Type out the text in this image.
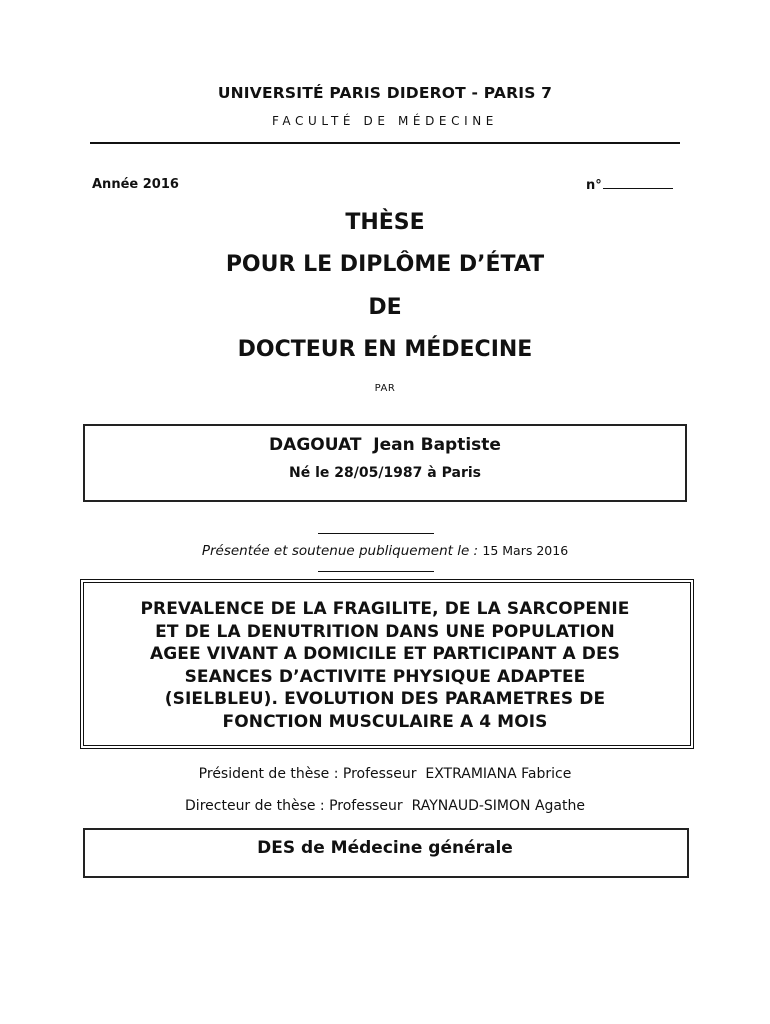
UNIVERSITÉ PARIS DIDEROT - PARIS 7
FACULTÉ DE MÉDECINE
Année 2016	n°
THÈSE
POUR LE DIPLÔME D’ÉTAT
DE
DOCTEUR EN MÉDECINE
PAR
DAGOUAT  Jean Baptiste
Né le 28/05/1987 à Paris
Présentée et soutenue publiquement le : 15 Mars 2016
PREVALENCE DE LA FRAGILITE, DE LA SARCOPENIE
ET DE LA DENUTRITION DANS UNE POPULATION
AGEE VIVANT A DOMICILE ET PARTICIPANT A DES
SEANCES D’ACTIVITE PHYSIQUE ADAPTEE
(SIELBLEU). EVOLUTION DES PARAMETRES DE
FONCTION MUSCULAIRE A 4 MOIS
Président de thèse : Professeur  EXTRAMIANA Fabrice
Directeur de thèse : Professeur  RAYNAUD-SIMON Agathe
DES de Médecine générale
